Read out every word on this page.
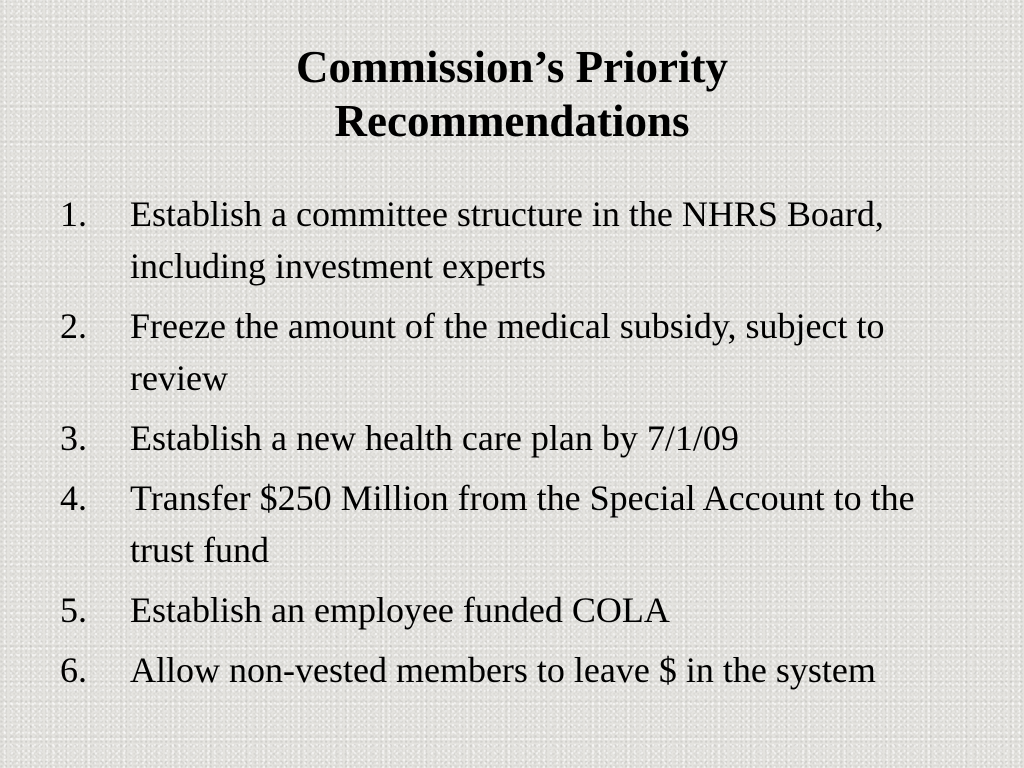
Commission’s Priority
Recommendations
1.	Establish a committee structure in the NHRS Board, including investment experts
2.	Freeze the amount of the medical subsidy, subject to review
3.	Establish a new health care plan by 7/1/09
4.	Transfer $250 Million from the Special Account to the trust fund
5.	Establish an employee funded COLA
6.	Allow non-vested members to leave $ in the system
